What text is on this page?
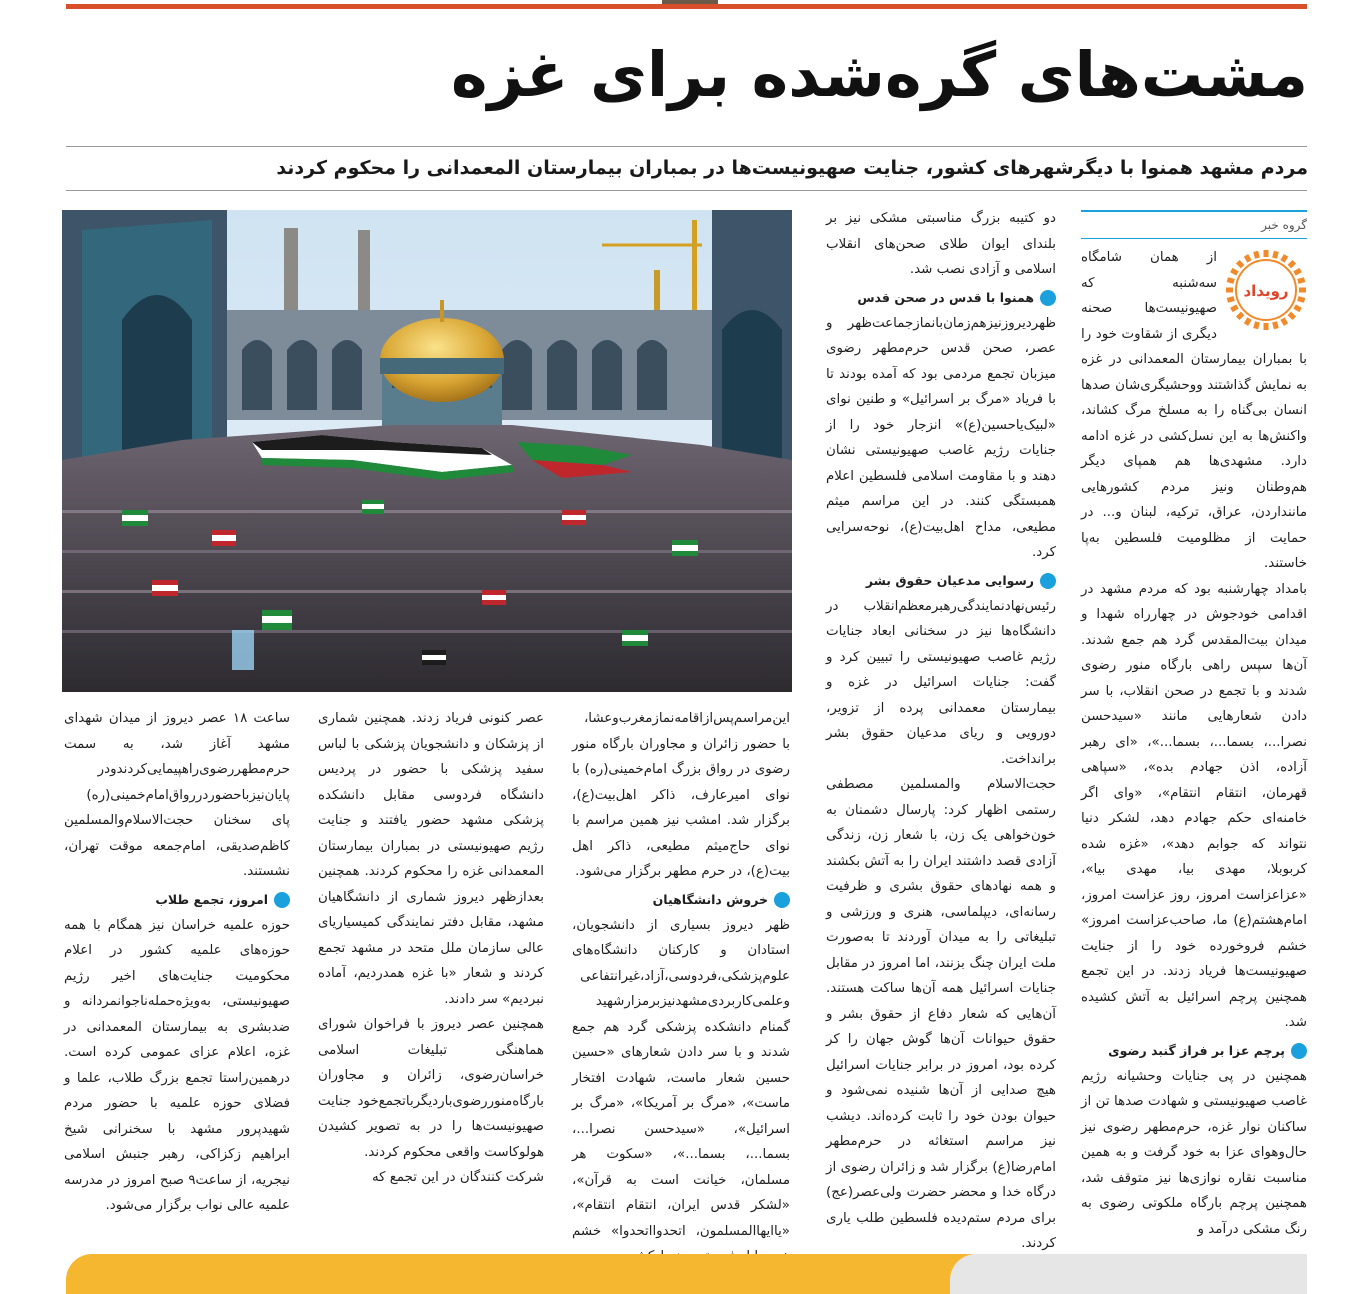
مشت‌های گره‌شده برای غزه
مردم مشهد همنوا با دیگرشهرهای کشور، جنایت صهیونیست‌ها در بمباران بیمارستان المعمدانی را محکوم کردند
گروه خبر
رویداد

از همان شامگاه سه‌شنبه که صهیونیست‌ها صحنه دیگری از شقاوت خود را با بمباران بیمارستان المعمدانی در غزه به نمایش گذاشتند ووحشیگری‌شان صدها انسان بی‌گناه را به مسلخ مرگ کشاند، واکنش‌ها به این نسل‌کشی در غزه ادامه دارد. مشهدی‌ها هم همپای دیگر هم‌وطنان ونیز مردم کشورهایی مانندارد‌ن، عراق، ترکیه، لبنان و... در حمایت از مظلومیت فلسطین به‌پا خاستند.

بامداد چهارشنبه بود که مردم مشهد در اقدامی خودجوش در چهارراه شهدا و میدان بیت‌المقدس گرد هم جمع شدند. آن‌ها سپس راهی بارگاه منور رضوی شدند و با تجمع در صحن انقلاب، با سر دادن شعارهایی مانند «سیدحسن نصرا...، بسما...، بسما...»، «ای رهبر آزاده، اذن جهادم بده»، «سپاهی قهرمان، انتقام انتقام»، «وای اگر خامنه‌ای حکم جهادم دهد، لشکر دنیا نتواند که جوابم دهد»، «غزه شده کربوبلا، مهدی بیا، مهدی بیا»، «عزاعزاست امروز، روز عزاست امروز، امام‌هشتم(ع) ما، صاحب‌عزاست امروز» خشم فروخورده خود را از جنایت صهیونیست‌ها فریاد زدند. در این تجمع همچنین پرچم اسرائیل به آتش کشیده شد.

پرچم عزا بر فراز گنبد رضوی

همچنین در پی جنایات وحشیانه رژیم غاصب صهیونیستی و شهادت صدها تن از ساکنان نوار غزه، حرم‌مطهر رضوی نیز حال‌وهوای عزا به خود گرفت و به همین مناسبت نقاره نوازی‌ها نیز متوقف شد، همچنین پرچم بارگاه ملکوتی رضوی به رنگ مشکی درآمد و

دو کتیبه بزرگ مناسبتی مشکی نیز بر بلندای ایوان طلای صحن‌های انقلاب اسلامی و آزادی نصب شد.

همنوا با قدس در صحن قدس

ظهردیروزنیزهم‌زمان‌بانمازجماعت‌ظهر و عصر، صحن قدس حرم‌مطهر رضوی میزبان تجمع مردمی بود که آمده بودند تا با فریاد «مرگ بر اسرائیل» و طنین نوای «لبیک‌یاحسین(ع)» انزجار خود را از جنایات رژیم غاصب صهیونیستی نشان دهند و با مقاومت اسلامی فلسطین اعلام همبستگی کنند. در این مراسم میثم مطیعی، مداح اهل‌بیت(ع)، نوحه‌سرایی کرد.

رسوایی مدعیان حقوق بشر

رئیس‌نهادنمایندگی‌رهبرمعظم‌انقلاب در دانشگاه‌ها نیز در سخنانی ابعاد جنایات رژیم غاصب صهیونیستی را تبیین کرد و گفت: جنایات اسرائیل در غزه و بیمارستان معمدانی پرده از تزویر، دورویی و ریای مدعیان حقوق بشر برانداخت.

حجت‌الاسلام والمسلمین مصطفی رستمی اظهار کرد: پارسال دشمنان به خون‌خواهی یک زن، با شعار زن، زندگی آزادی قصد داشتند ایران را به آتش بکشند و همه نهادهای حقوق بشری و ظرفیت رسانه‌ای، دیپلماسی، هنری و ورزشی و تبلیغاتی را به میدان آوردند تا به‌صورت ملت ایران چنگ بزنند، اما امروز در مقابل جنایات اسرائیل همه آن‌ها ساکت هستند. آن‌هایی که شعار دفاع از حقوق بشر و حقوق حیوانات آن‌ها گوش جهان را کر کرده بود، امروز در برابر جنایات اسرائیل هیچ صدایی از آن‌ها شنیده نمی‌شود و حیوان بودن خود را ثابت کرده‌اند. دیشب نیز مراسم استغاثه در حرم‌مطهر امام‌رضا(ع) برگزار شد و زائران رضوی از درگاه خدا و محضر حضرت ولی‌عصر(عج) برای مردم ستم‌دیده فلسطین طلب یاری کردند.

این‌مراسم‌پس‌ازاقامه‌نمازمغرب‌وعشا، با حضور زائران و مجاوران بارگاه منور رضوی در رواق بزرگ امام‌خمینی(ره) با نوای امیرعارف، ذاکر اهل‌بیت(ع)، برگزار شد. امشب نیز همین مراسم با نوای حاج‌میثم مطیعی، ذاکر اهل بیت(ع)، در حرم مطهر برگزار می‌شود.

خروش دانشگاهیان

ظهر دیروز بسیاری از دانشجویان، استادان و کارکنان دانشگاه‌های علوم‌پزشکی،فردوسی،آزاد،غیرانتفاعی وعلمی‌کاربردی‌مشهدنیزبرمزارشهید گمنام دانشکده پزشکی گرد هم جمع شدند و با سر دادن شعارهای «حسین حسین شعار ماست، شهادت افتخار ماست»، «مرگ بر آمریکا»، «مرگ بر اسرائیل»، «سیدحسن نصرا...، بسما...، بسما...»، «سکوت هر مسلمان، خیانت است به قرآن»، «لشکر قدس ایران، انتقام انتقام»، «یاایها‌المسلمون، اتحدوا‌اتحدوا» خشم

عصر کنونی فریاد زدند. همچنین شماری از پزشکان و دانشجویان پزشکی با لباس سفید پزشکی با حضور در پردیس دانشگاه فردوسی مقابل دانشکده پزشکی مشهد حضور یافتند و جنایت رژیم صهیونیستی در بمباران بیمارستان المعمدانی غزه را محکوم کردند. همچنین بعدازظهر دیروز شماری از دانشگاهیان مشهد، مقابل دفتر نمایندگی کمیسیاریای عالی سازمان ملل متحد در مشهد تجمع کردند و شعار «با غزه همدردیم، آماده نبردیم» سر دادند.

همچنین عصر دیروز با فراخوان شورای هماهنگی تبلیغات اسلامی خراسان‌رضوی، زائران و مجاوران بارگاه‌منور‌رضوی‌باردیگربا‌تجمع‌خود جنایت صهیونیست‌ها را در به تصویر کشیدن هولوکاست واقعی محکوم کردند.

شرکت کنندگان در این تجمع که

ساعت ۱۸ عصر دیروز از میدان شهدای مشهد آغاز شد، به سمت حرم‌مطهر‌رضوی‌راهپیمایی‌کردندودر پایان‌نیزباحضوردررواق‌امام‌خمینی(ره) پای سخنان حجت‌الاسلام‌والمسلمین کاظم‌صدیقی، امام‌جمعه موقت تهران، نشستند.

امروز، تجمع طلاب

حوزه علمیه خراسان نیز همگام با همه حوزه‌های علمیه کشور در اعلام محکومیت جنایت‌های اخیر رژیم صهیونیستی، به‌ویژه‌حمله‌ناجوانمردانه و ضدبشری به بیمارستان المعمدانی در غزه، اعلام عزای عمومی کرده است. درهمین‌راستا تجمع بزرگ طلاب، علما و فضلای حوزه علمیه با حضور مردم شهیدپرور مشهد با سخنرانی شیخ ابراهیم زکزاکی، رهبر جنبش اسلامی نیجریه، از ساعت۹ صبح امروز در مدرسه علمیه عالی نواب برگزار می‌شود.
